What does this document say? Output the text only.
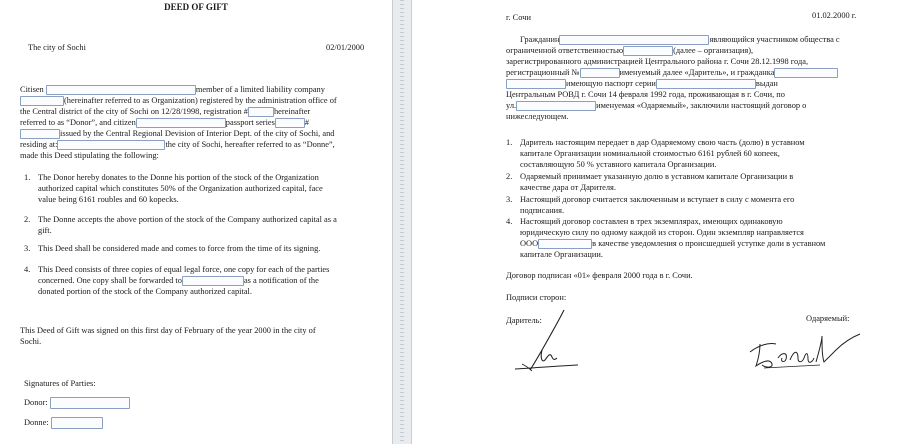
DEED OF GIFT
The city of Sochi	02/01/2000
Citisen	member of a limited liability company
(hereinafter referred to as Organization) registered by the administration office of
the Central district of the city of Sochi on 12/28/1998, registration #	hereinafter
referred to as “Donor”, and citizen	passport series	#
issued by the Central Regional Devision of Interior Dept. of the city of Sochi, and
residing at:	the city of Sochi, hereafter referred to as “Donne”,
made this Deed stipulating the following:
1. The Donor hereby donates to the Donne his portion of the stock of the Organization
authorized capital which constitutes 50% of the Organization authorized capital, face
value being 6161 roubles and 60 kopecks.
2. The Donne accepts the above portion of the stock of the Company authorized capital as a
gift.
3. This Deed shall be considered made and comes to force from the time of its signing.
4. This Deed consists of three copies of equal legal force, one copy for each of the parties
concerned. One copy shall be forwarded to	as a notification of the
donated portion of the stock of the Company authorized capital.
This Deed of Gift was signed on this first day of February of the year 2000 in the city of
Sochi.
Signatures of Parties:
Donor:
Donne:
г. Сочи	01.02.2000 г.
Гражданин	являющийся участником общества с
ограниченной ответственностью	(далее – организация),
зарегистрированного администрацией Центрального района г. Сочи 28.12.1998 года,
регистрационный №	именуемый далее «Даритель», и гражданка
имеющую паспорт серии	выдан
Центральным РОВД г. Сочи 14 февраля 1992 года, проживающая в г. Сочи, по
ул.	именуемая «Одаряемый», заключили настоящий договор о
нижеследующем.
1. Даритель настоящим передает в дар Одаряемому свою часть (долю) в уставном
капитале Организации номинальной стоимостью 6161 рублей 60 копеек,
составляющую 50 % уставного капитала Организации.
2. Одаряемый принимает указанную долю в уставном капитале Организации в
качестве дара от Дарителя.
3. Настоящий договор считается заключенным и вступает в силу с момента его
подписания.
4. Настоящий договор составлен в трех экземплярах, имеющих одинаковую
юридическую силу по одному каждой из сторон. Один экземпляр направляется
ООО	в качестве уведомления о происшедшей уступке доли в уставном
капитале Организации.
Договор подписан «01» февраля 2000 года в г. Сочи.
Подписи сторон:
Даритель:	Одаряемый:
